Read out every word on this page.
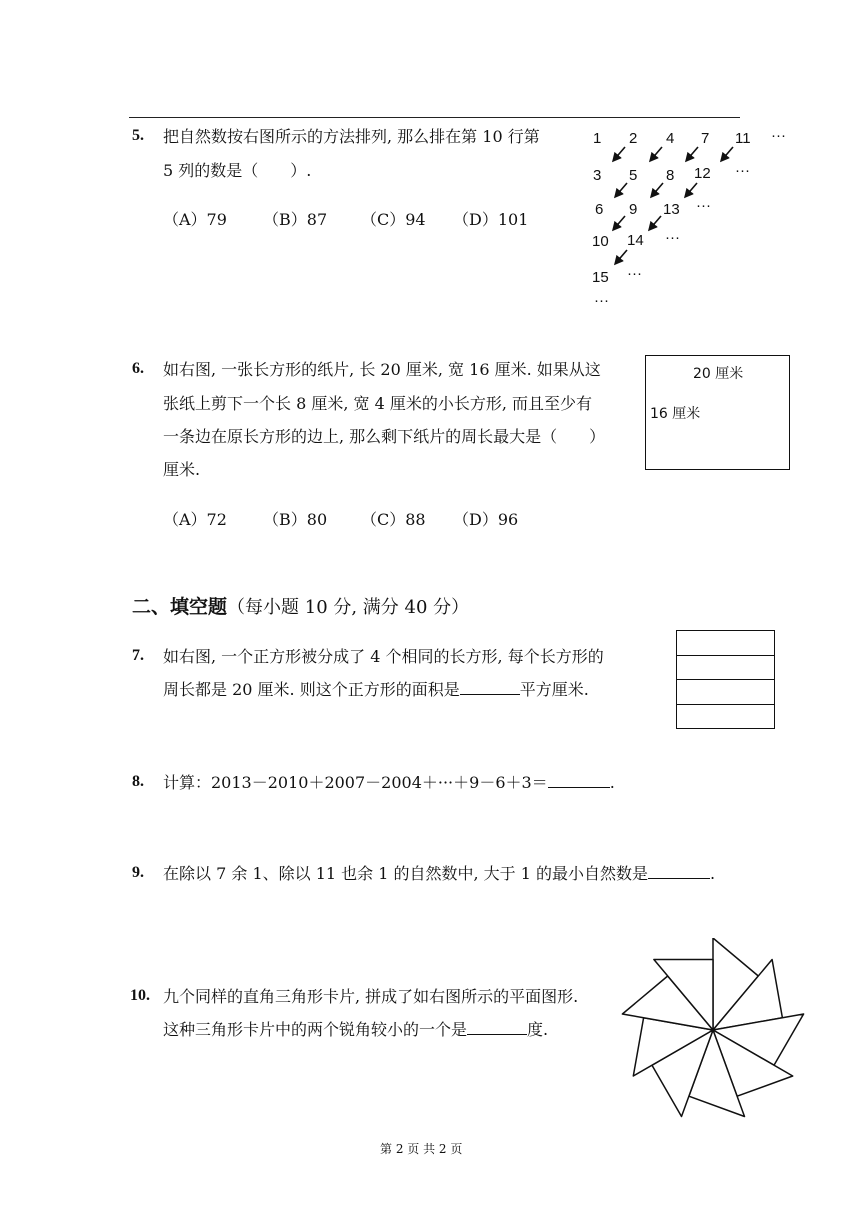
5. 把自然数按右图所示的方法排列, 那么排在第 10 行第
5 列的数是（　　）.
（A）79 （B）87 （C）94 （D）101
1 2 4 7 11 ···
3 5 8 12 ···
6 9 13 ···
10 14 ···
15 ···
···
6. 如右图, 一张长方形的纸片, 长 20 厘米, 宽 16 厘米. 如果从这
张纸上剪下一个长 8 厘米, 宽 4 厘米的小长方形, 而且至少有
一条边在原长方形的边上, 那么剩下纸片的周长最大是（　　）
厘米.
（A）72 （B）80 （C）88 （D）96
20 厘米
16 厘米
二、填空题（每小题 10 分, 满分 40 分）
7. 如右图, 一个正方形被分成了 4 个相同的长方形, 每个长方形的
周长都是 20 厘米. 则这个正方形的面积是	平方厘米.
8. 计算：2013－2010＋2007－2004＋···＋9－6＋3＝	.
9. 在除以 7 余 1、除以 11 也余 1 的自然数中, 大于 1 的最小自然数是	.
10. 九个同样的直角三角形卡片, 拼成了如右图所示的平面图形.
这种三角形卡片中的两个锐角较小的一个是	度.
第 2 页 共 2 页
